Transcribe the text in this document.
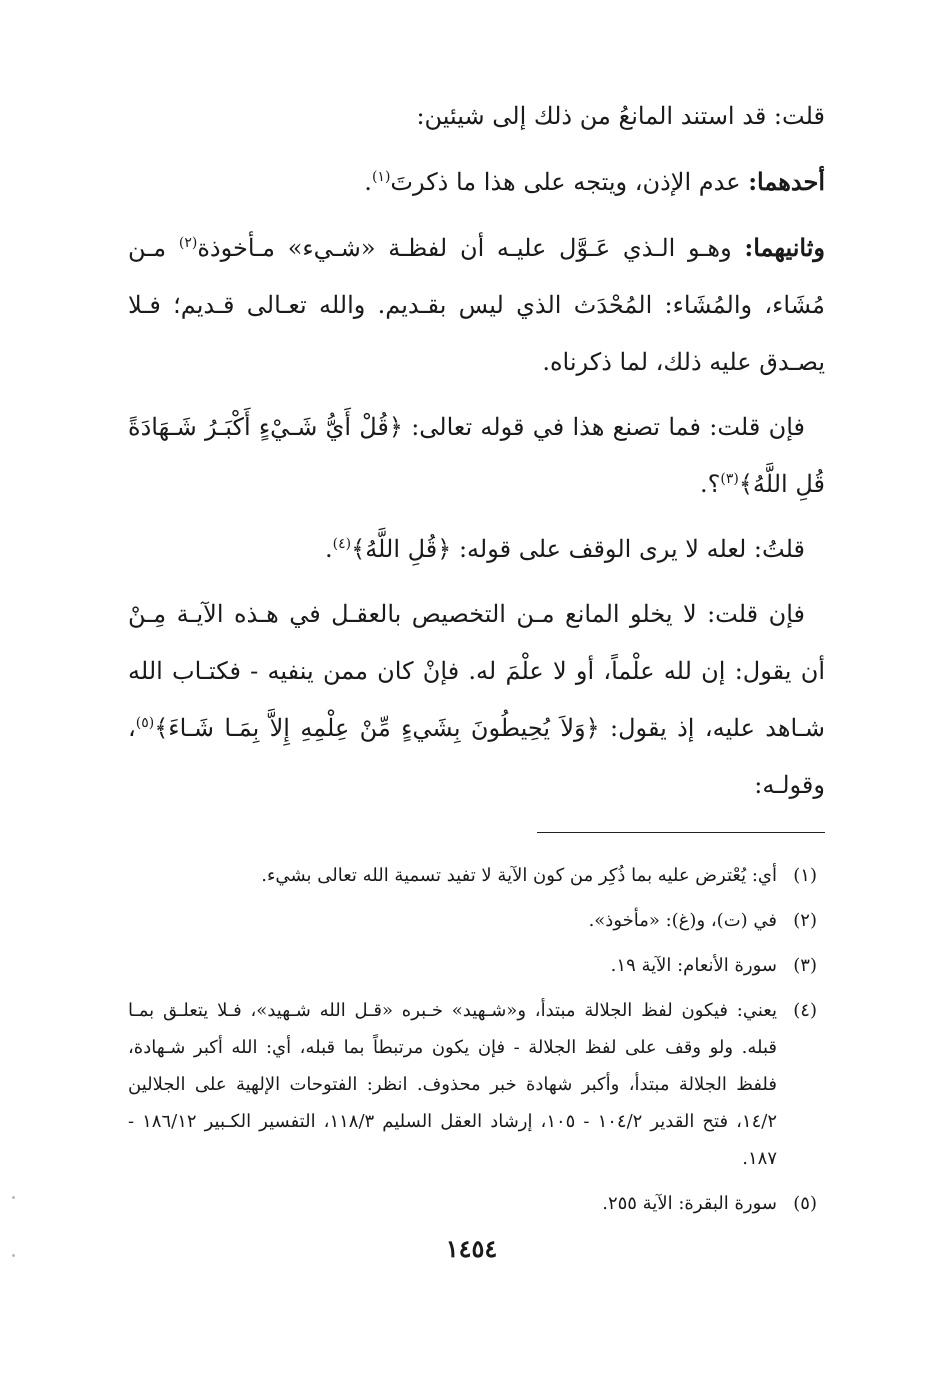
قلت: قد استند المانعُ من ذلك إلى شيئين:

أحدهما: عدم الإذن، ويتجه على هذا ما ذكرتَ$^{(١)}$.

وثانيهما: وهـو الـذي عَـوَّل عليـه أن لفظـة «شـيء» مـأخوذة$^{(٢)}$ مـن مُشَاء، والمُشَاء: المُحْدَث الذي ليس بقـديم. والله تعـالى قـديم؛ فـلا يصـدق عليه ذلك، لما ذكرناه.

فإن قلت: فما تصنع هذا في قوله تعالى: ﴿قُلْ أَيُّ شَـيْءٍ أَكْبَـرُ شَـهَادَةً قُلِ اللَّهُ﴾$^{(٣)}$؟.

قلتُ: لعله لا يرى الوقف على قوله: ﴿قُلِ اللَّهُ﴾$^{(٤)}$.

فإن قلت: لا يخلو المانع مـن التخصيص بالعقـل في هـذه الآيـة مِـنْ أن يقول: إن لله علْماً، أو لا علْمَ له. فإنْ كان ممن ينفيه - فكتـاب الله شـاهد عليه، إذ يقول: ﴿وَلاَ يُحِيطُونَ بِشَيءٍ مِّنْ عِلْمِهِ إِلاَّ بِمَـا شَـاءَ﴾$^{(٥)}$، وقولـه:

(١)
أي: يُعْترض عليه بما ذُكِر من كون الآية لا تفيد تسمية الله تعالى بشيء.
(٢)
في (ت)، و(غ): «مأخوذ».
(٣)
سورة الأنعام: الآية ١٩.
(٤)
يعني: فيكون لفظ الجلالة مبتدأ، و«شـهيد» خـبره «قـل الله شـهيد»، فـلا يتعلـق بمـا قبله. ولو وقف على لفظ الجلالة - فإن يكون مرتبطاً بما قبله، أي: الله أكبر شـهادة، فلفظ الجلالة مبتدأ، وأكبر شهادة خبر محذوف. انظر: الفتوحات الإلهية على الجلالين ١٤/٢، فتح القدير ١٠٤/٢ - ١٠٥، إرشاد العقل السليم ١١٨/٣، التفسير الكـبير ١٨٦/١٢ - ١٨٧.
(٥)
سورة البقرة: الآية ٢٥٥.
١٤٥٤
